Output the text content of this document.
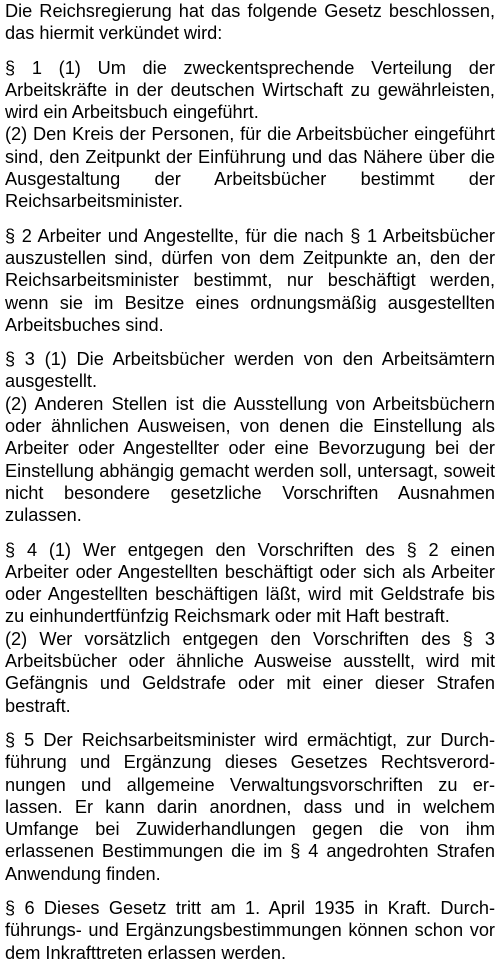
Die Reichsregierung hat das folgende Gesetz beschlossen, das hiermit verkündet wird:

§ 1 (1) Um die zweckentsprechende Verteilung der Arbeitskräfte in der deutschen Wirtschaft zu gewährleisten, wird ein Arbeitsbuch eingeführt.

(2) Den Kreis der Personen, für die Arbeitsbücher eingeführt sind, den Zeitpunkt der Einführung und das Nähere über die Ausgestaltung der Arbeitsbücher bestimmt der Reichsarbeitsminister.

§ 2 Arbeiter und Angestellte, für die nach § 1 Arbeitsbücher auszustellen sind, dürfen von dem Zeitpunkte an, den der Reichsarbeitsminister bestimmt, nur beschäftigt werden, wenn sie im Besitze eines ordnungsmäßig ausgestellten Arbeitsbuches sind.

§ 3 (1) Die Arbeitsbücher werden von den Arbeitsämtern ausgestellt.

(2) Anderen Stellen ist die Ausstellung von Arbeitsbüchern oder ähnlichen Ausweisen, von denen die Einstellung als Arbeiter oder Angestellter oder eine Bevorzugung bei der Einstellung abhängig gemacht werden soll, untersagt, soweit nicht besondere gesetzliche Vorschriften Ausnahmen zulassen.

§ 4 (1) Wer entgegen den Vorschriften des § 2 einen Arbeiter oder Angestellten beschäftigt oder sich als Arbeiter oder Angestellten beschäftigen läßt, wird mit Geldstrafe bis zu einhundertfünfzig Reichsmark oder mit Haft bestraft.

(2) Wer vorsätzlich entgegen den Vorschriften des § 3 Arbeitsbücher oder ähnliche Ausweise ausstellt, wird mit Gefängnis und Geldstrafe oder mit einer dieser Strafen bestraft.

§ 5 Der Reichsarbeitsminister wird ermächtigt, zur Durchführung und Ergänzung dieses Gesetzes Rechtsverordnungen und allgemeine Verwaltungsvorschriften zu erlassen. Er kann darin anordnen, dass und in welchem Umfange bei Zuwiderhandlungen gegen die von ihm erlassenen Bestimmungen die im § 4 angedrohten Strafen Anwendung finden.

§ 6 Dieses Gesetz tritt am 1. April 1935 in Kraft. Durchführungs- und Ergänzungsbestimmungen können schon vor dem Inkrafttreten erlassen werden.
